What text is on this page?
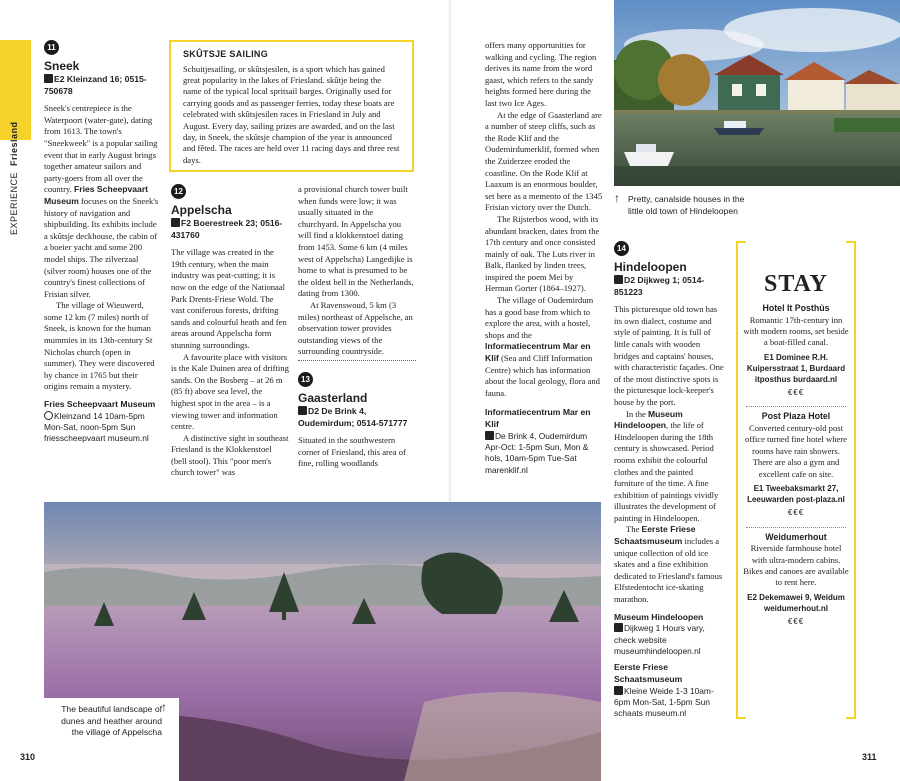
EXPERIENCE  Friesland
11
Sneek
E2 Kleinzand 16; 0515-750678

Sneek's centrepiece is the Waterpoort (water-gate), dating from 1613. The town's "Sneekweek" is a popular sailing event that in early August brings together amateur sailors and party-goers from all over the country. Fries Scheepvaart Museum focuses on the Sneek's history of navigation and shipbuilding. Its exhibits include a skûtsje deckhouse, the cabin of a boeier yacht and some 200 model ships. The zilverzaal (silver room) houses one of the country's finest collections of Frisian silver.

The village of Wieuwerd, some 12 km (7 miles) north of Sneek, is known for the human mummies in its 13th-century St Nicholas church (open in summer). They were discovered by chance in 1765 but their origins remain a mystery.

Fries Scheepvaart Museum
Kleinzand 14 10am-5pm Mon-Sat, noon-5pm Sun friesscheepvaart museum.nl
SKÛTSJE SAILING
Schuitjesailing, or skûtsjesilen, is a sport which has gained great popularity in the lakes of Friesland. skûtje being the name of the typical local spritsail barges. Originally used for carrying goods and as passenger ferries, today these boats are celebrated with skûtsjesilen races in Friesland in July and August. Every day, sailing prizes are awarded, and on the last day, in Sneek, the skûtsje champion of the year is announced and fêted. The races are held over 11 racing days and three rest days.
12
Appelscha
F2 Boerestreek 23; 0516-431760

The village was created in the 19th century, when the main industry was peat-cutting; it is now on the edge of the Nationaal Park Drents-Friese Wold. The vast coniferous forests, drifting sands and colourful heath and fen areas around Appelscha form stunning surroundings.

A favourite place with visitors is the Kale Duinen area of drifting sands. On the Bosberg – at 26 m (85 ft) above sea level, the highest spot in the area – is a viewing tower and information centre.

A distinctive sight in southeast Friesland is the Klokkenstoel (bell stool). This "poor men's church tower" was

a provisional church tower built when funds were low; it was usually situated in the churchyard. In Appelscha you will find a klokkenstoel dating from 1453. Some 6 km (4 miles west of Appelscha) Langedijke is home to what is presumed to be the oldest bell in the Netherlands, dating from 1300.

At Ravenswoud, 5 km (3 miles) northeast of Appelsche, an observation tower provides outstanding views of the surrounding countryside.

13
Gaasterland
D2 De Brink 4, Oudemirdum; 0514-571777

Situated in the southwestern corner of Friesland, this area of fine, rolling woodlands

offers many opportunities for walking and cycling. The region derives its name from the word gaast, which refers to the sandy heights formed here during the last two Ice Ages.

At the edge of Gaasterland are a number of steep cliffs, such as the Rode Klif and the Oudemirdumerklif, formed when the Zuiderzee eroded the coastline. On the Rode Klif at Laaxum is an enormous boulder, set here as a memento of the 1345 Frisian victory over the Dutch.

The Rijsterbos wood, with its abundant bracken, dates from the 17th century and once consisted mainly of oak. The Luts river in Balk, flanked by linden trees, inspired the poem Mei by Herman Gorter (1864–1927).

The village of Oudemirdum has a good base from which to explore the area, with a hostel, shops and the Informatiecentrum Mar en Klif (Sea and Cliff Information Centre) which has information about the local geology, flora and fauna.

Informatiecentrum Mar en Klif
De Brink 4, Oudemirdum Apr-Oct: 1-5pm Sun, Mon & hols, 10am-5pm Tue-Sat marenklif.nl
↑ Pretty, canalside houses in the little old town of Hindeloopen
14
Hindeloopen
D2 Dijkweg 1; 0514-851223

This picturesque old town has its own dialect, costume and style of painting. It is full of little canals with wooden bridges and captains' houses, with characteristic façades. One of the most distinctive spots is the picturesque lock-keeper's house by the port.

In the Museum Hindeloopen, the life of Hindeloopen during the 18th century is showcased. Period rooms exhibit the colourful clothes and the painted furniture of the time. A fine exhibition of paintings vividly illustrates the development of painting in Hindeloopen.

The Eerste Friese Schaatsmuseum includes a unique collection of old ice skates and a fine exhibition dedicated to Friesland's famous Elfstedentocht ice-skating marathon.

Museum Hindeloopen
Dijkweg 1 Hours vary, check website museumhindeloopen.nl
Eerste Friese Schaatsmuseum
Kleine Weide 1-3 10am-6pm Mon-Sat, 1-5pm Sun schaats museum.nl
STAY
Hotel It Posthûs
Romantic 17th-century inn with modern rooms, set beside a boat-filled canal.
E1 Dominee R.H. Kuipersstraat 1, Burdaard itposthus burdaard.nl
€€€
Post Plaza Hotel
Converted century-old post office turned fine hotel where rooms have rain showers. There are also a gym and excellent cafe on site.
E1 Tweebaksmarkt 27, Leeuwarden post-plaza.nl
€€€
Weidumerhout
Riverside farmhouse hotel with ultra-modern cabins. Bikes and canoes are available to rent here.
E2 Dekemawei 9, Weidum weidumerhout.nl
€€€
The beautiful landscape of dunes and heather around the village of Appelscha
↑
310	311
